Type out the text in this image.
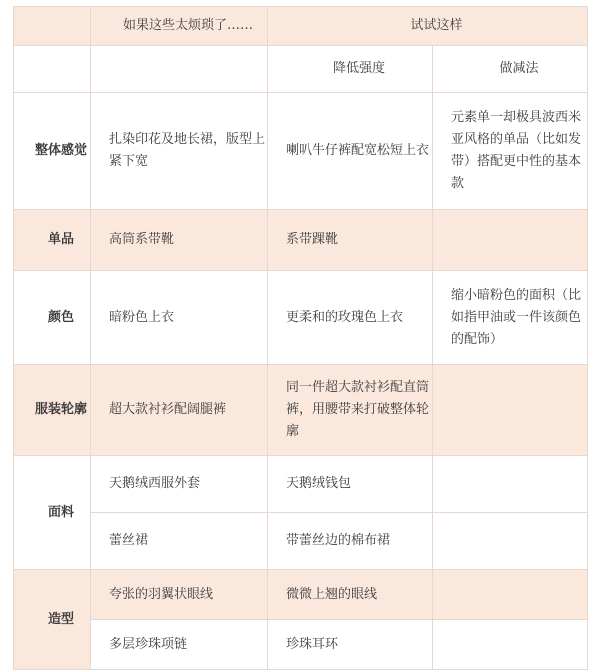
	如果这些太烦琐了……	试试这样	
		降低强度	做减法
整体感觉	扎染印花及地长裙，版型上紧下宽	喇叭牛仔裤配宽松短上衣	元素单一却极具波西米亚风格的单品（比如发带）搭配更中性的基本款
单品	高筒系带靴	系带踝靴	
颜色	暗粉色上衣	更柔和的玫瑰色上衣	缩小暗粉色的面积（比如指甲油或一件该颜色的配饰）
服装轮廓	超大款衬衫配阔腿裤	同一件超大款衬衫配直筒裤，用腰带来打破整体轮廓	
面料	天鹅绒西服外套	天鹅绒钱包	
	蕾丝裙	带蕾丝边的棉布裙	
造型	夸张的羽翼状眼线	微微上翘的眼线	
	多层珍珠项链	珍珠耳环	
